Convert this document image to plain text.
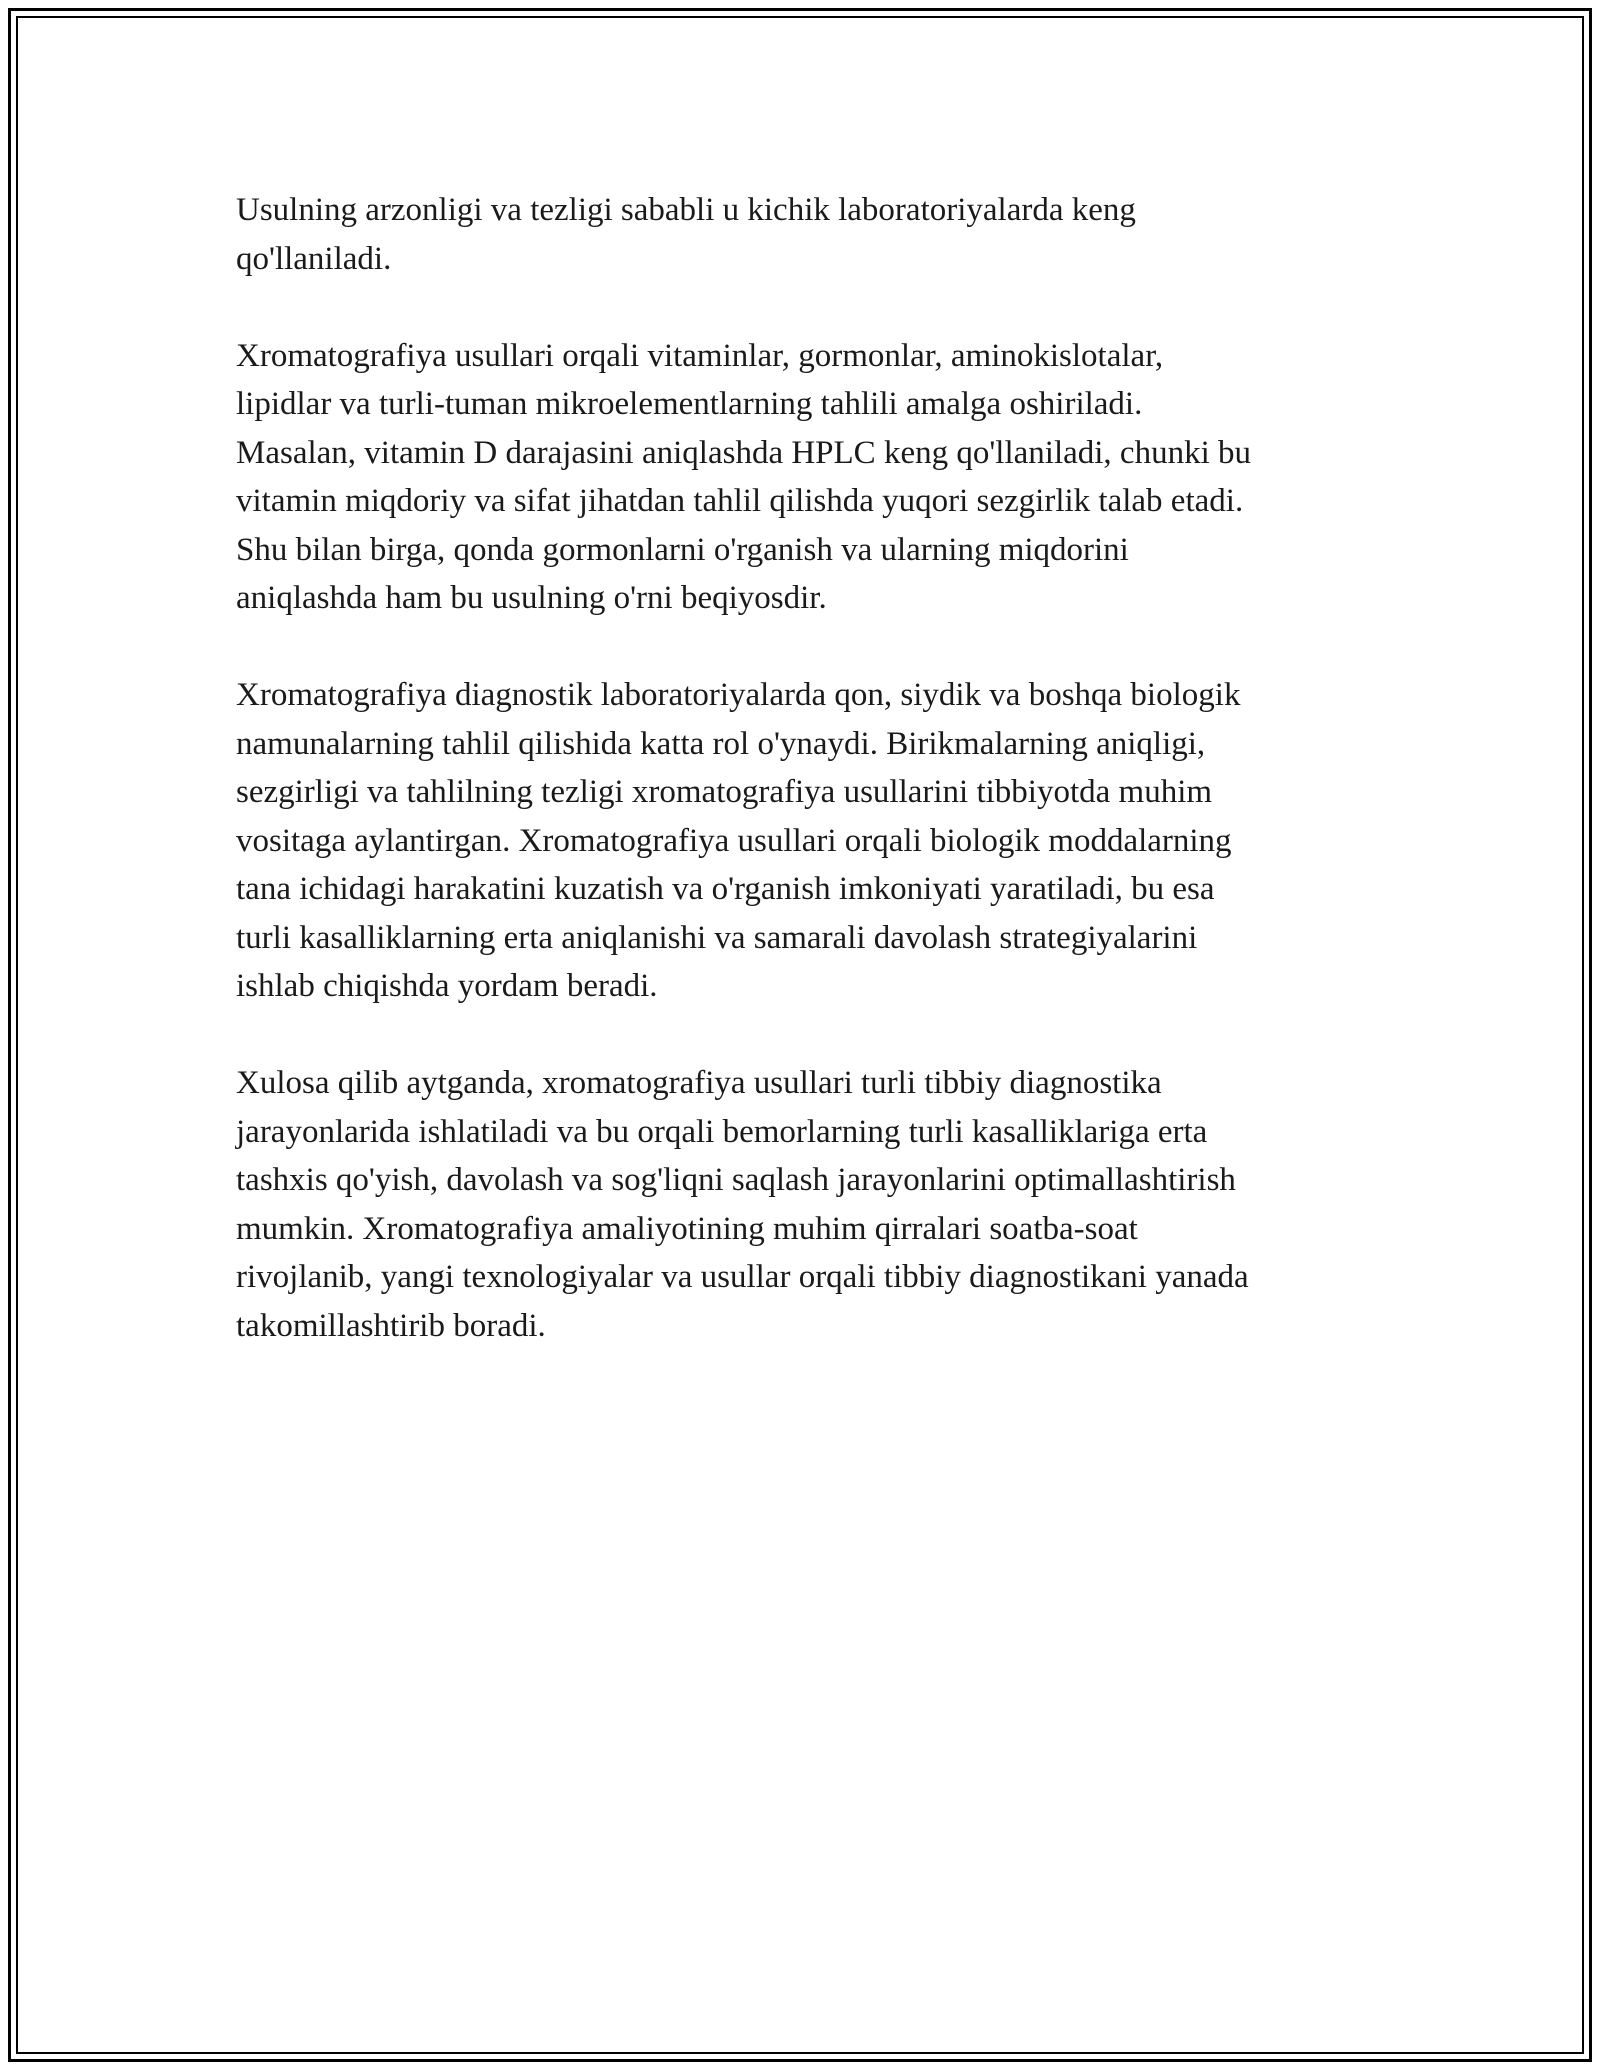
Usulning arzonligi va tezligi sababli u kichik laboratoriyalarda keng
qo'llaniladi.

Xromatografiya usullari orqali vitaminlar, gormonlar, aminokislotalar,
lipidlar va turli-tuman mikroelementlarning tahlili amalga oshiriladi.
Masalan, vitamin D darajasini aniqlashda HPLC keng qo'llaniladi, chunki bu
vitamin miqdoriy va sifat jihatdan tahlil qilishda yuqori sezgirlik talab etadi.
Shu bilan birga, qonda gormonlarni o'rganish va ularning miqdorini
aniqlashda ham bu usulning o'rni beqiyosdir.

Xromatografiya diagnostik laboratoriyalarda qon, siydik va boshqa biologik
namunalarning tahlil qilishida katta rol o'ynaydi. Birikmalarning aniqligi,
sezgirligi va tahlilning tezligi xromatografiya usullarini tibbiyotda muhim
vositaga aylantirgan. Xromatografiya usullari orqali biologik moddalarning
tana ichidagi harakatini kuzatish va o'rganish imkoniyati yaratiladi, bu esa
turli kasalliklarning erta aniqlanishi va samarali davolash strategiyalarini
ishlab chiqishda yordam beradi.

Xulosa qilib aytganda, xromatografiya usullari turli tibbiy diagnostika
jarayonlarida ishlatiladi va bu orqali bemorlarning turli kasalliklariga erta
tashxis qo'yish, davolash va sog'liqni saqlash jarayonlarini optimallashtirish
mumkin. Xromatografiya amaliyotining muhim qirralari soatba-soat
rivojlanib, yangi texnologiyalar va usullar orqali tibbiy diagnostikani yanada
takomillashtirib boradi.
